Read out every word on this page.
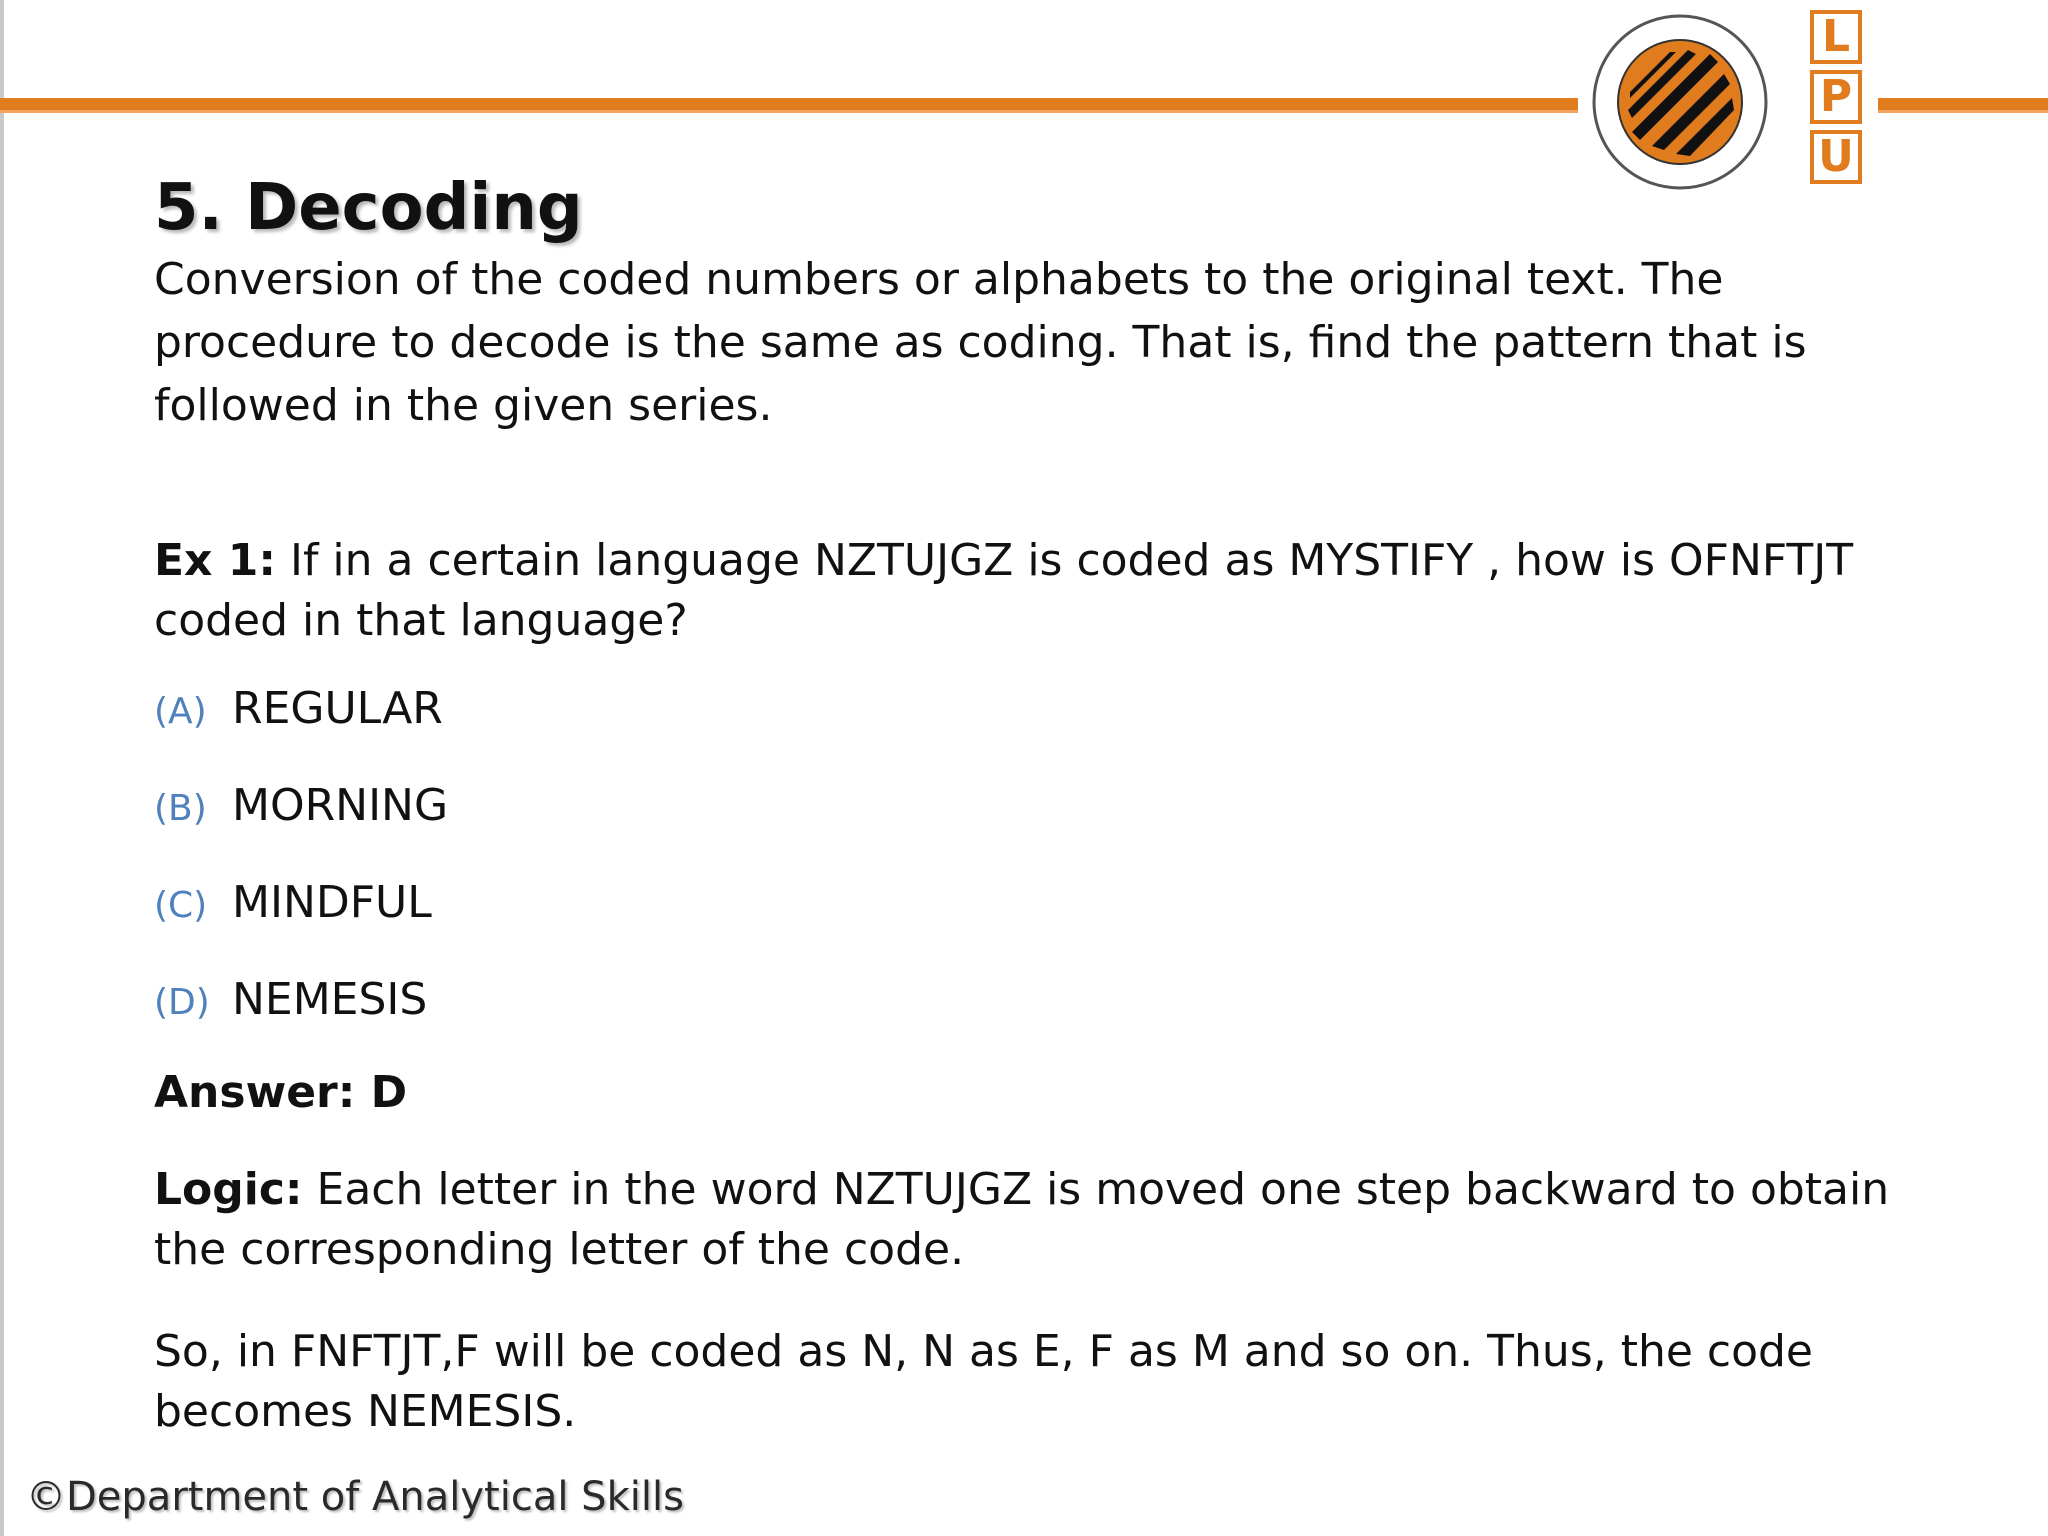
L
P
U
5. Decoding

Conversion of the coded numbers or alphabets to the original text. The procedure to decode is the same as coding. That is, find the pattern that is followed in the given series.

Ex 1: If in a certain language NZTUJGZ is coded as MYSTIFY , how is OFNFTJT coded in that language?

(A) REGULAR
(B) MORNING
(C) MINDFUL
(D) NEMESIS

Answer: D

Logic: Each letter in the word NZTUJGZ is moved one step backward to obtain the corresponding letter of the code.

So, in FNFTJT,F will be coded as N, N as E, F as M and so on. Thus, the code becomes NEMESIS.

©Department of Analytical Skills
